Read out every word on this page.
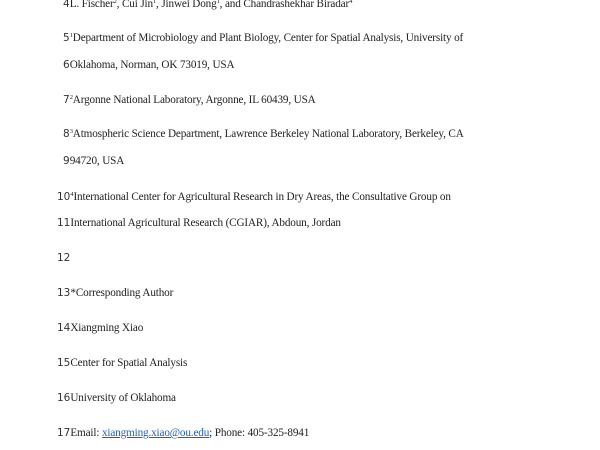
4L. Fischer$^2$, Cui Jin$^1$, Jinwei Dong$^1$, and Chandrashekhar Biradar$^4$
$5^1Department$ of Microbiology and Plant Biology, Center for Spatial Analysis, University of
6Oklahoma, Norman, OK 73019, USA
$7^2Argonne$ National Laboratory, Argonne, IL 60439, USA
$8^3Atmospheric$ Science Department, Lawrence Berkeley National Laboratory, Berkeley, CA
994720, USA
$10^4International$ Center for Agricultural Research in Dry Areas, the Consultative Group on
11International Agricultural Research (CGIAR), Abdoun, Jordan
12
13*Corresponding Author
14Xiangming Xiao
15Center for Spatial Analysis
16University of Oklahoma
17Email: xiangming.xiao@ou.edu; Phone: 405-325-8941
